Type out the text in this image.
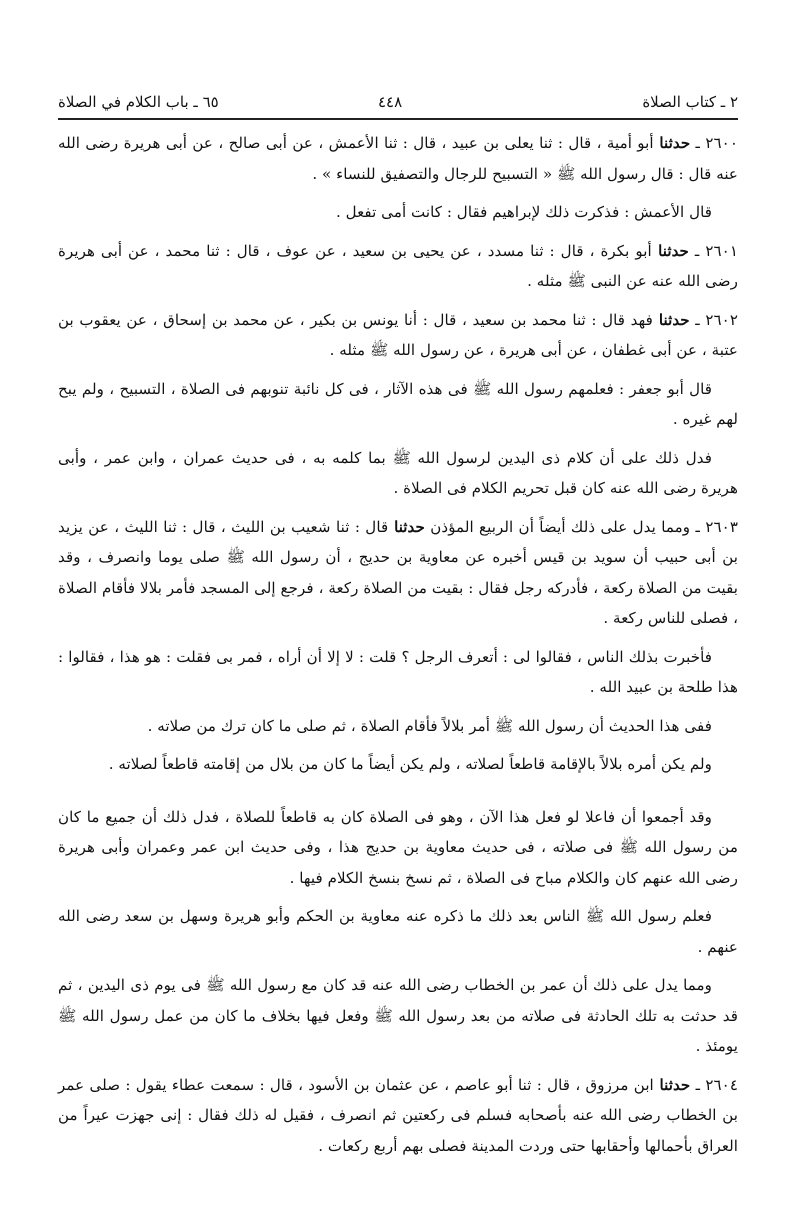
٢ ـ كتاب الصلاة
٤٤٨
٦٥ ـ باب الكلام في الصلاة

٢٦٠٠ ـ حدثنا أبو أمية ، قال : ثنا يعلى بن عبيد ، قال : ثنا الأعمش ، عن أبى صالح ، عن أبى هريرة رضى الله عنه قال : قال رسول الله ﷺ « التسبيح للرجال والتصفيق للنساء » .

قال الأعمش : فذكرت ذلك لإبراهيم فقال : كانت أمى تفعل .

٢٦٠١ ـ حدثنا أبو بكرة ، قال : ثنا مسدد ، عن يحيى بن سعيد ، عن عوف ، قال : ثنا محمد ، عن أبى هريرة رضى الله عنه عن النبى ﷺ مثله .

٢٦٠٢ ـ حدثنا فهد قال : ثنا محمد بن سعيد ، قال : أنا يونس بن بكير ، عن محمد بن إسحاق ، عن يعقوب بن عتبة ، عن أبى غطفان ، عن أبى هريرة ، عن رسول الله ﷺ مثله .

قال أبو جعفر : فعلمهم رسول الله ﷺ فى هذه الآثار ، فى كل نائبة تنوبهم فى الصلاة ، التسبيح ، ولم يبح لهم غيره .

فدل ذلك على أن كلام ذى اليدين لرسول الله ﷺ بما كلمه به ، فى حديث عمران ، وابن عمر ، وأبى هريرة رضى الله عنه كان قبل تحريم الكلام فى الصلاة .

٢٦٠٣ ـ ومما يدل على ذلك أيضاً أن الربيع المؤذن حدثنا قال : ثنا شعيب بن الليث ، قال : ثنا الليث ، عن يزيد بن أبى حبيب أن سويد بن قيس أخبره عن معاوية بن حديج ، أن رسول الله ﷺ صلى يوما وانصرف ، وقد بقيت من الصلاة ركعة ، فأدركه رجل فقال : بقيت من الصلاة ركعة ، فرجع إلى المسجد فأمر بلالا فأقام الصلاة ، فصلى للناس ركعة .

فأخبرت بذلك الناس ، فقالوا لى : أتعرف الرجل ؟ قلت : لا إلا أن أراه ، فمر بى فقلت : هو هذا ، فقالوا : هذا طلحة بن عبيد الله .

ففى هذا الحديث أن رسول الله ﷺ أمر بلالاً فأقام الصلاة ، ثم صلى ما كان ترك من صلاته .

ولم يكن أمره بلالاً بالإقامة قاطعاً لصلاته ، ولم يكن أيضاً ما كان من بلال من إقامته قاطعاً لصلاته .

وقد أجمعوا أن فاعلا لو فعل هذا الآن ، وهو فى الصلاة كان به قاطعاً للصلاة ، فدل ذلك أن جميع ما كان من رسول الله ﷺ فى صلاته ، فى حديث معاوية بن حديج هذا ، وفى حديث ابن عمر وعمران وأبى هريرة رضى الله عنهم كان والكلام مباح فى الصلاة ، ثم نسخ بنسخ الكلام فيها .

فعلم رسول الله ﷺ الناس بعد ذلك ما ذكره عنه معاوية بن الحكم وأبو هريرة وسهل بن سعد رضى الله عنهم .

ومما يدل على ذلك أن عمر بن الخطاب رضى الله عنه قد كان مع رسول الله ﷺ فى يوم ذى اليدين ، ثم قد حدثت به تلك الحادثة فى صلاته من بعد رسول الله ﷺ وفعل فيها بخلاف ما كان من عمل رسول الله ﷺ يومئذ .

٢٦٠٤ ـ حدثنا ابن مرزوق ، قال : ثنا أبو عاصم ، عن عثمان بن الأسود ، قال : سمعت عطاء يقول : صلى عمر بن الخطاب رضى الله عنه بأصحابه فسلم فى ركعتين ثم انصرف ، فقيل له ذلك فقال : إنى جهزت عيراً من العراق بأحمالها وأحقابها حتى وردت المدينة فصلى بهم أربع ركعات .
